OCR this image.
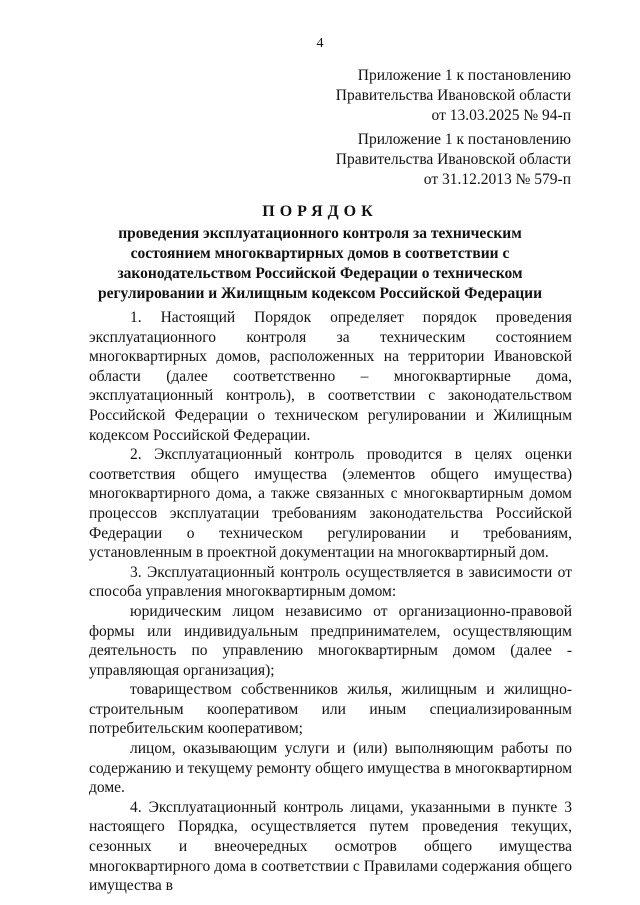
4
Приложение 1 к постановлению
Правительства Ивановской области
от 13.03.2025 № 94-п
Приложение 1 к постановлению
Правительства Ивановской области
от 31.12.2013 № 579-п
ПОРЯДОК
проведения эксплуатационного контроля за техническим состоянием многоквартирных домов в соответствии с законодательством Российской Федерации о техническом регулировании и Жилищным кодексом Российской Федерации

1. Настоящий Порядок определяет порядок проведения эксплуатационного контроля за техническим состоянием многоквартирных домов, расположенных на территории Ивановской области (далее соответственно – многоквартирные дома, эксплуатационный контроль), в соответствии с законодательством Российской Федерации о техническом регулировании и Жилищным кодексом Российской Федерации.

2. Эксплуатационный контроль проводится в целях оценки соответствия общего имущества (элементов общего имущества) многоквартирного дома, а также связанных с многоквартирным домом процессов эксплуатации требованиям законодательства Российской Федерации о техническом регулировании и требованиям, установленным в проектной документации на многоквартирный дом.

3. Эксплуатационный контроль осуществляется в зависимости от способа управления многоквартирным домом:

юридическим лицом независимо от организационно-правовой формы или индивидуальным предпринимателем, осуществляющим деятельность по управлению многоквартирным домом (далее - управляющая организация);

товариществом собственников жилья, жилищным и жилищно-строительным кооперативом или иным специализированным потребительским кооперативом;

лицом, оказывающим услуги и (или) выполняющим работы по содержанию и текущему ремонту общего имущества в многоквартирном доме.

4. Эксплуатационный контроль лицами, указанными в пункте 3 настоящего Порядка, осуществляется путем проведения текущих, сезонных и внеочередных осмотров общего имущества многоквартирного дома в соответствии с Правилами содержания общего имущества в
